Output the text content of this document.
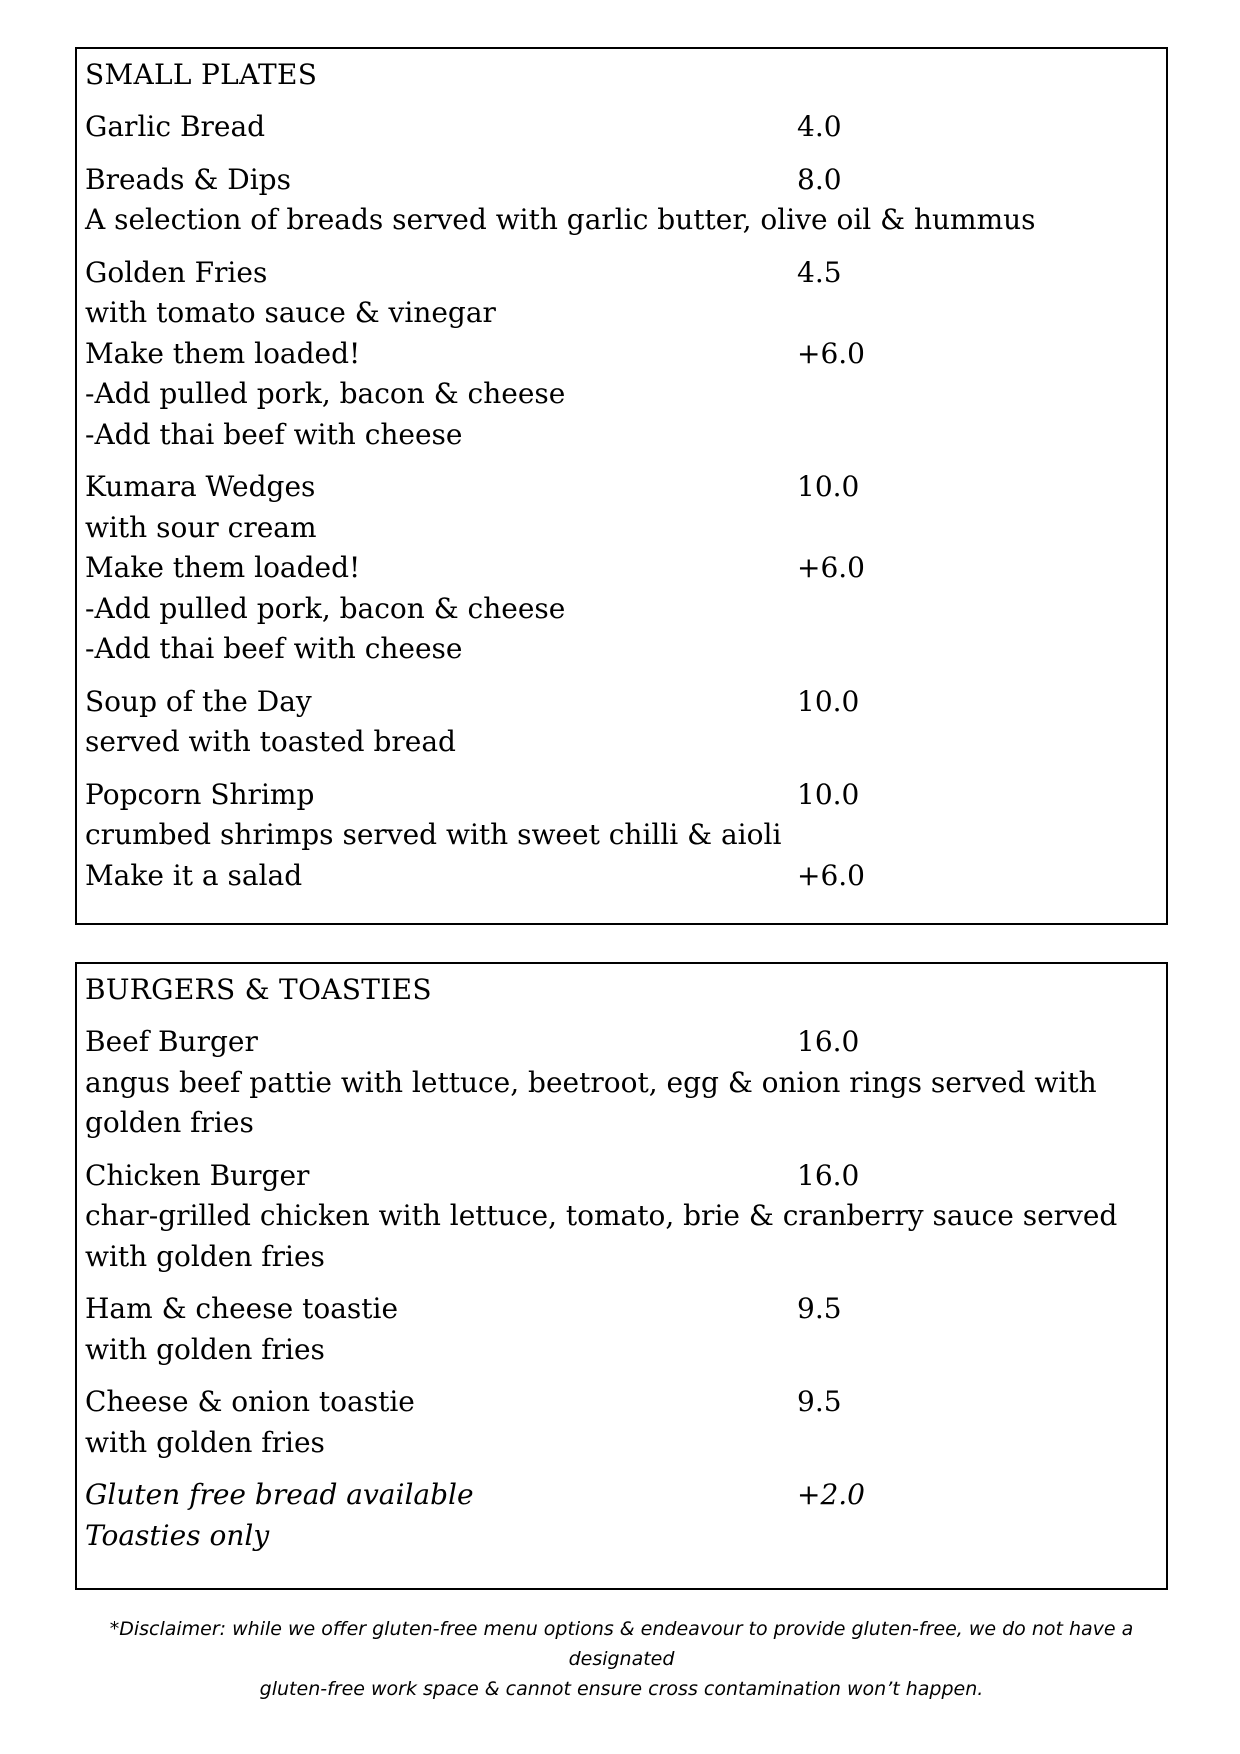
SMALL PLATES
Garlic Bread	4.0
Breads & Dips	8.0
A selection of breads served with garlic butter, olive oil & hummus
Golden Fries	4.5
with tomato sauce & vinegar
Make them loaded!	+6.0
-Add pulled pork, bacon & cheese
-Add thai beef with cheese
Kumara Wedges	10.0
with sour cream
Make them loaded!	+6.0
-Add pulled pork, bacon & cheese
-Add thai beef with cheese
Soup of the Day	10.0
served with toasted bread
Popcorn Shrimp	10.0
crumbed shrimps served with sweet chilli & aioli
Make it a salad	+6.0
BURGERS & TOASTIES
Beef Burger	16.0
angus beef pattie with lettuce, beetroot, egg & onion rings served with
golden fries
Chicken Burger	16.0
char-grilled chicken with lettuce, tomato, brie & cranberry sauce served
with golden fries
Ham & cheese toastie	9.5
with golden fries
Cheese & onion toastie	9.5
with golden fries
Gluten free bread available	+2.0
Toasties only
*Disclaimer: while we offer gluten-free menu options & endeavour to provide gluten-free, we do not have a designated
gluten-free work space & cannot ensure cross contamination won’t happen.
